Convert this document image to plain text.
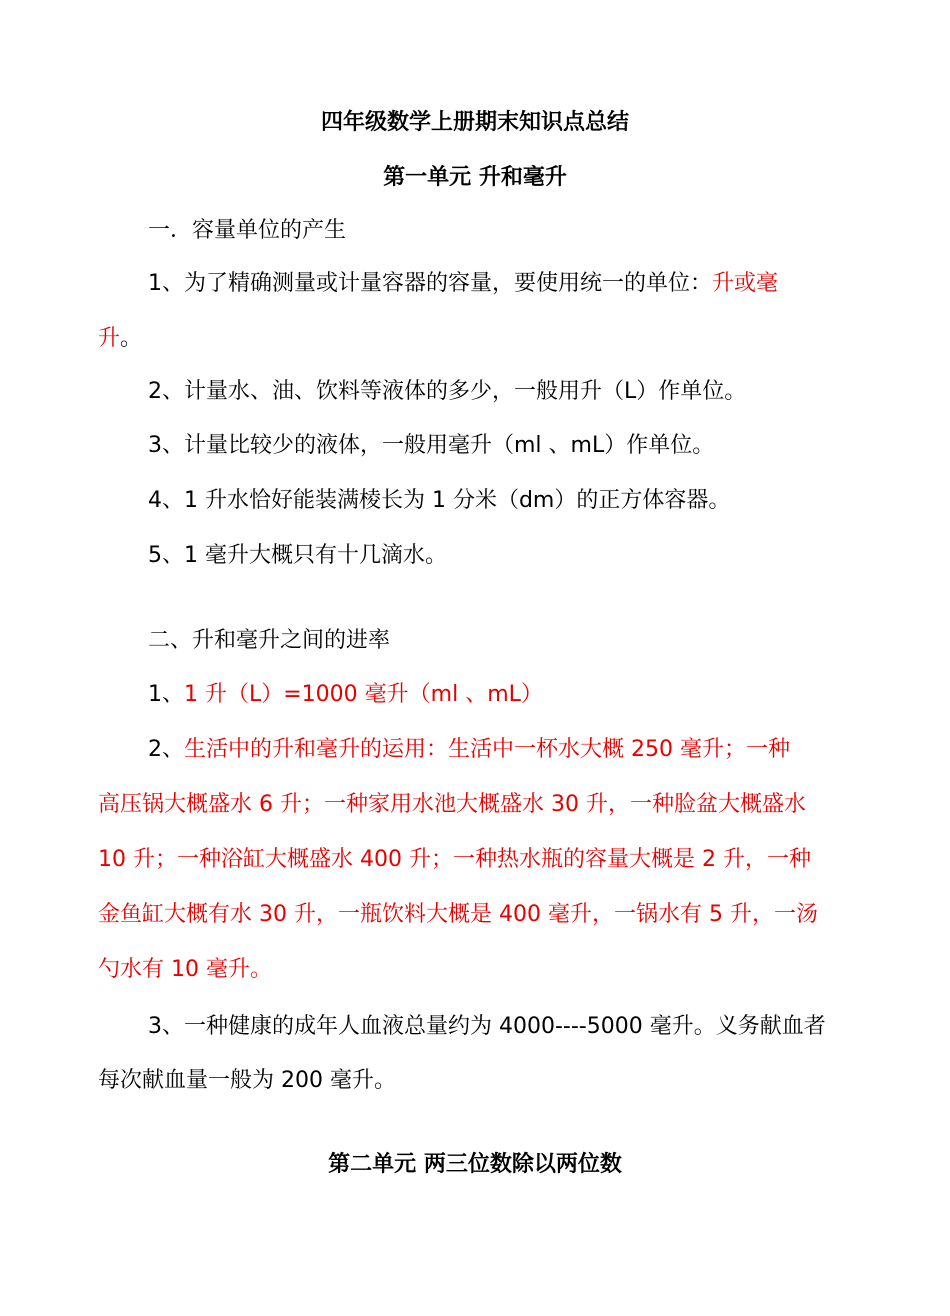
四年级数学上册期末知识点总结
第一单元 升和毫升
一．容量单位的产生
1、为了精确测量或计量容器的容量，要使用统一的单位：升或毫
升。
2、计量水、油、饮料等液体的多少，一般用升（L）作单位。
3、计量比较少的液体，一般用毫升（ml 、mL）作单位。
4、1 升水恰好能装满棱长为 1 分米（dm）的正方体容器。
5、1 毫升大概只有十几滴水。
二、升和毫升之间的进率
1、1 升（L）=1000 毫升（ml 、mL）
2、生活中的升和毫升的运用：生活中一杯水大概 250 毫升；一种
高压锅大概盛水 6 升；一种家用水池大概盛水 30 升，一种脸盆大概盛水
10 升；一种浴缸大概盛水 400 升；一种热水瓶的容量大概是 2 升，一种
金鱼缸大概有水 30 升，一瓶饮料大概是 400 毫升，一锅水有 5 升，一汤
勺水有 10 毫升。
3、一种健康的成年人血液总量约为 4000----5000 毫升。义务献血者
每次献血量一般为 200 毫升。
第二单元 两三位数除以两位数
